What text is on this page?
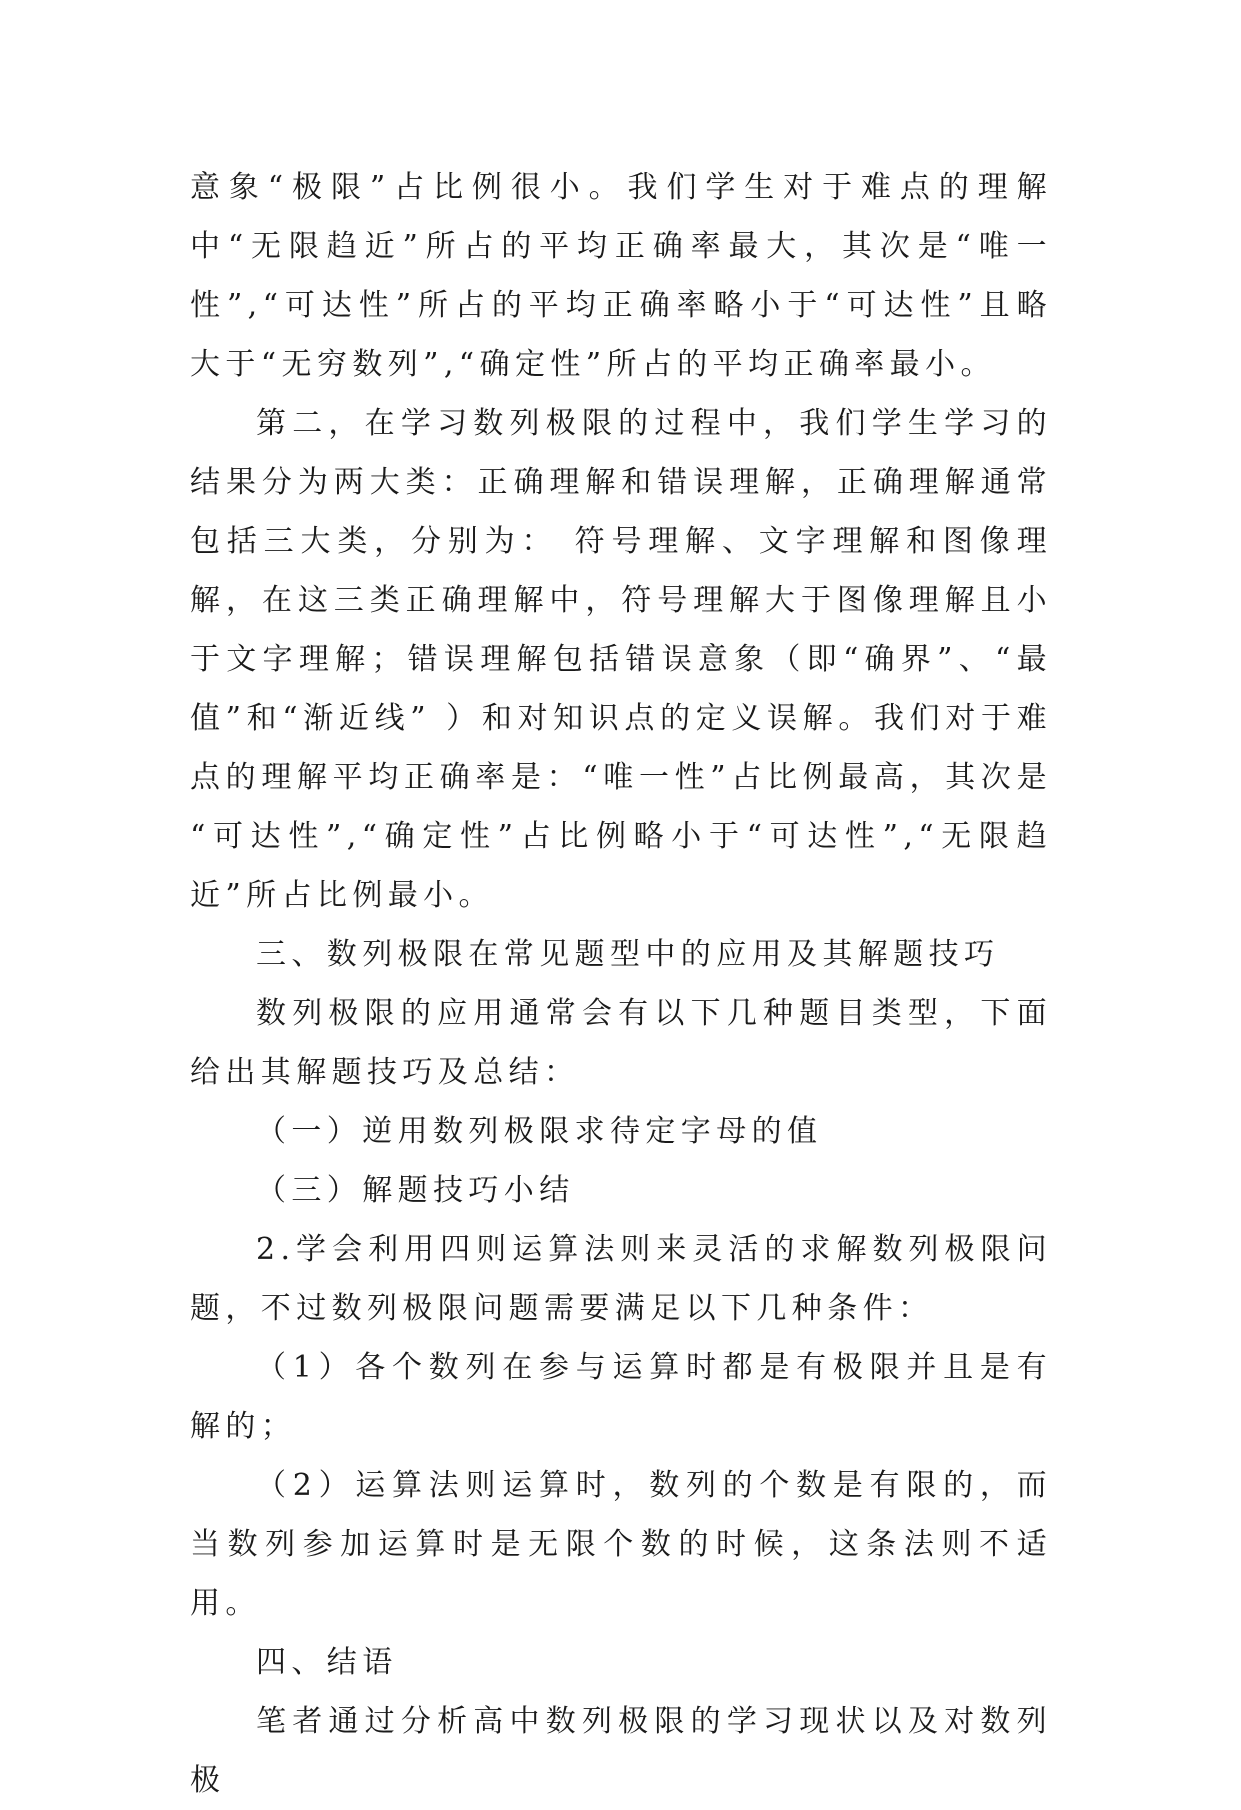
意象“极限”占比例很小。我们学生对于难点的理解中“无限趋近”所占的平均正确率最大，其次是“唯一性”,“可达性”所占的平均正确率略小于“可达性”且略大于“无穷数列”,“确定性”所占的平均正确率最小。

第二，在学习数列极限的过程中，我们学生学习的结果分为两大类：正确理解和错误理解，正确理解通常包括三大类，分别为： 符号理解、文字理解和图像理解，在这三类正确理解中，符号理解大于图像理解且小于文字理解；错误理解包括错误意象（即“确界”、“最值”和“渐近线” ）和对知识点的定义误解。我们对于难点的理解平均正确率是：“唯一性”占比例最高，其次是 “可达性”,“确定性”占比例略小于“可达性”,“无限趋近”所占比例最小。

三、数列极限在常见题型中的应用及其解题技巧

数列极限的应用通常会有以下几种题目类型，下面给出其解题技巧及总结：

（一）逆用数列极限求待定字母的值

（三）解题技巧小结

2.学会利用四则运算法则来灵活的求解数列极限问题，不过数列极限问题需要满足以下几种条件：

（1）各个数列在参与运算时都是有极限并且是有解的；

（2）运算法则运算时，数列的个数是有限的，而当数列参加运算时是无限个数的时候，这条法则不适用。

四、结语

笔者通过分析高中数列极限的学习现状以及对数列极
